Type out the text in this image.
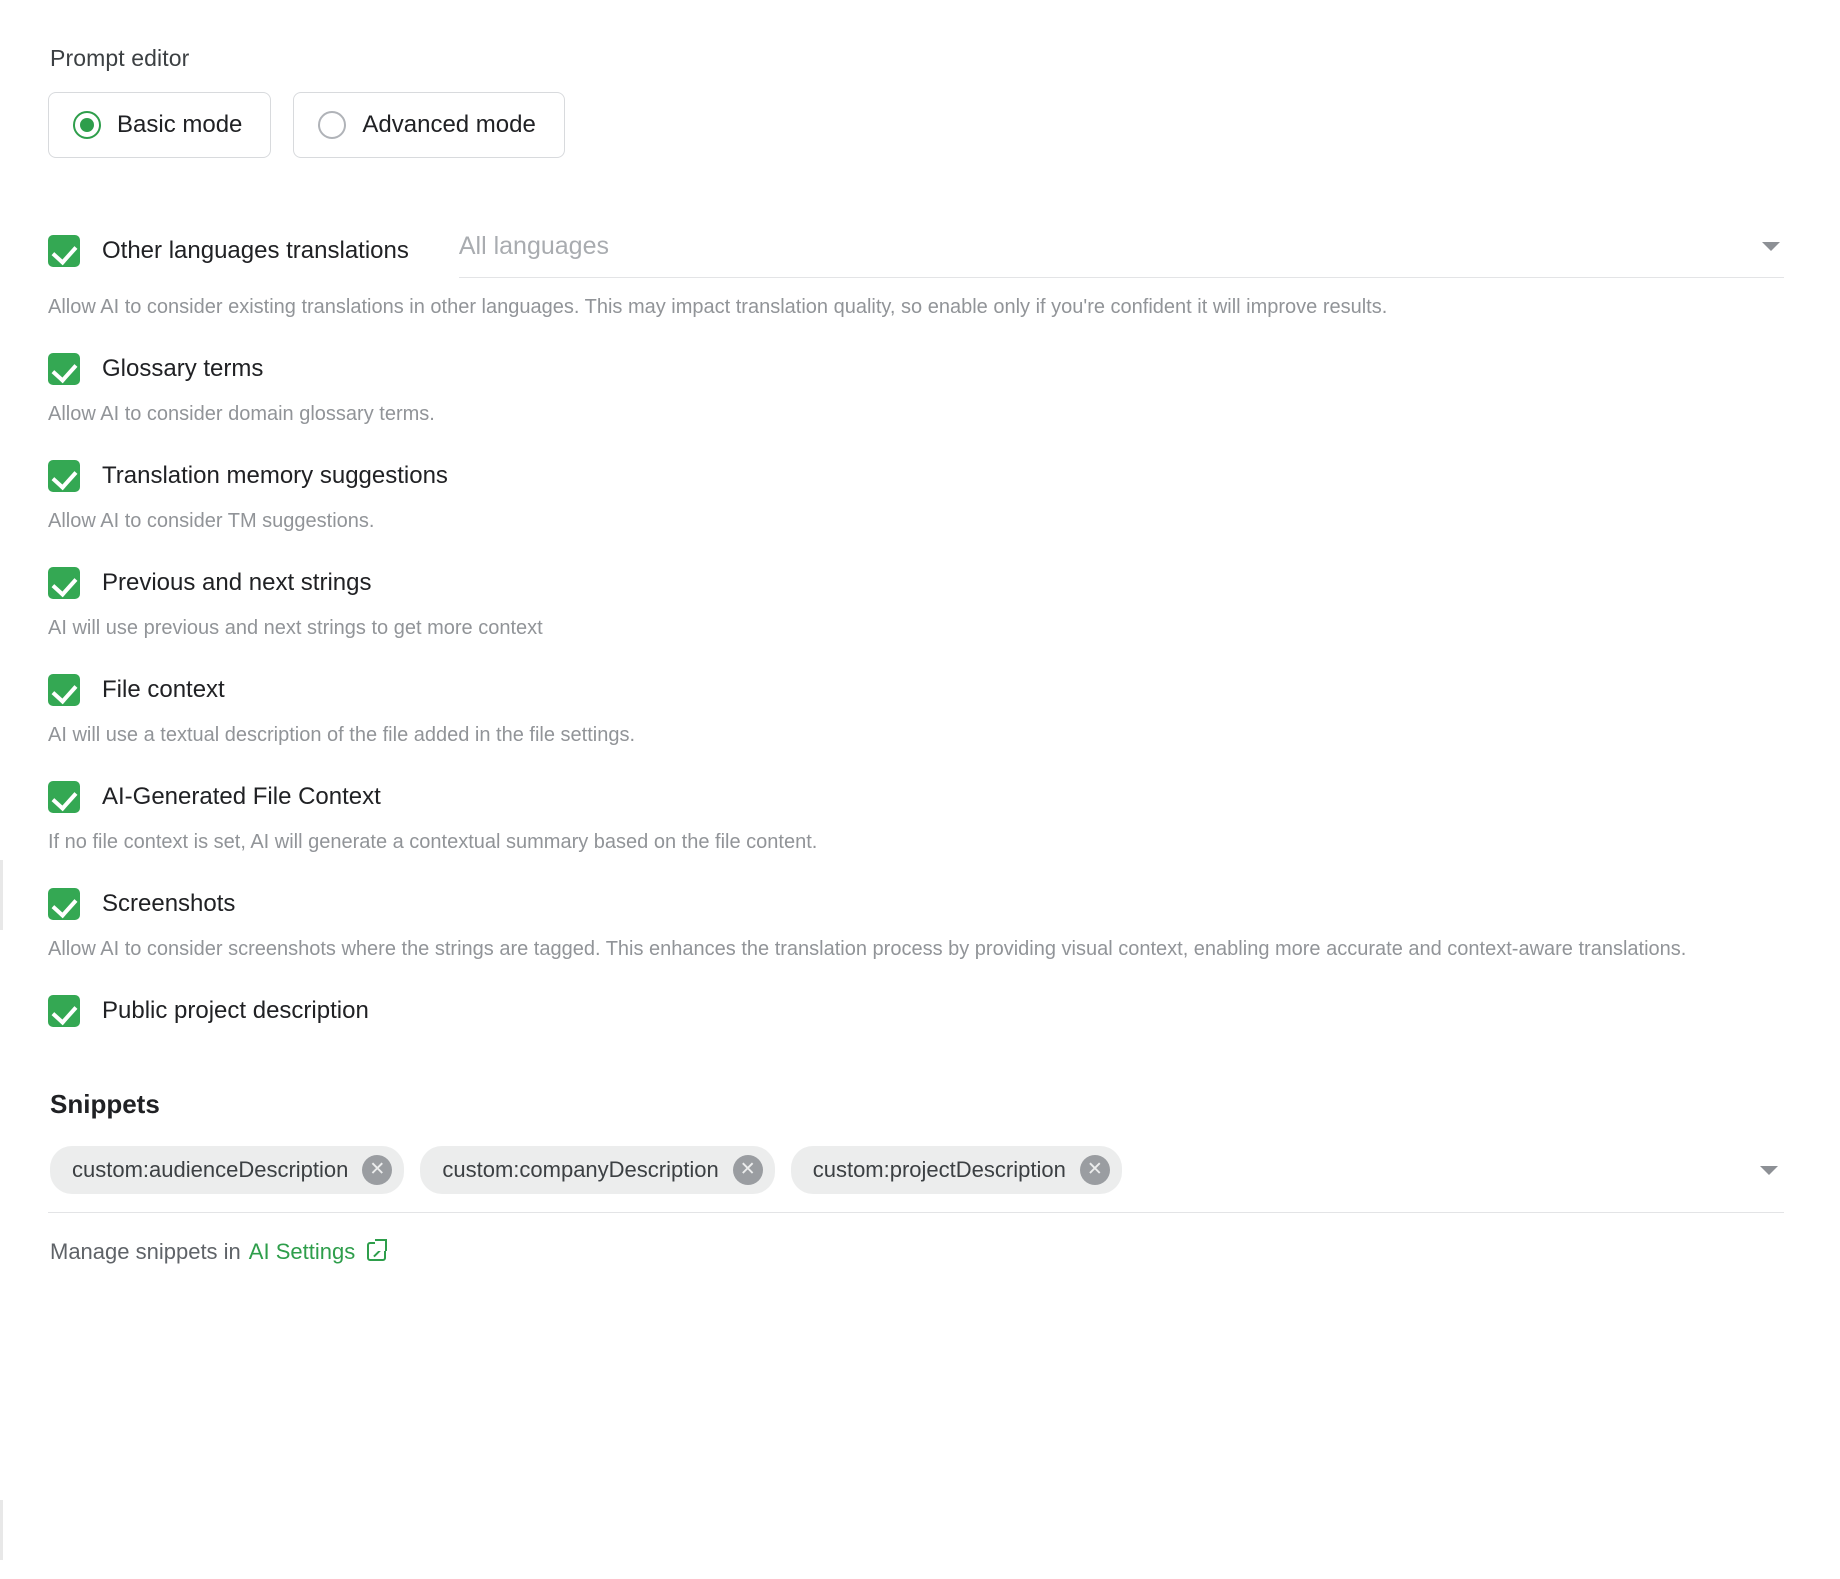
Prompt editor
Basic mode	Advanced mode
Other languages translations All languages
Allow AI to consider existing translations in other languages. This may impact translation quality, so enable only if you're confident it will improve results.
Glossary terms
Allow AI to consider domain glossary terms.
Translation memory suggestions
Allow AI to consider TM suggestions.
Previous and next strings
AI will use previous and next strings to get more context
File context
AI will use a textual description of the file added in the file settings.
AI-Generated File Context
If no file context is set, AI will generate a contextual summary based on the file content.
Screenshots
Allow AI to consider screenshots where the strings are tagged. This enhances the translation process by providing visual context, enabling more accurate and context-aware translations.
Public project description
Snippets
custom:audienceDescription	✕	custom:companyDescription	✕	custom:projectDescription	✕
Manage snippets in AI Settings
